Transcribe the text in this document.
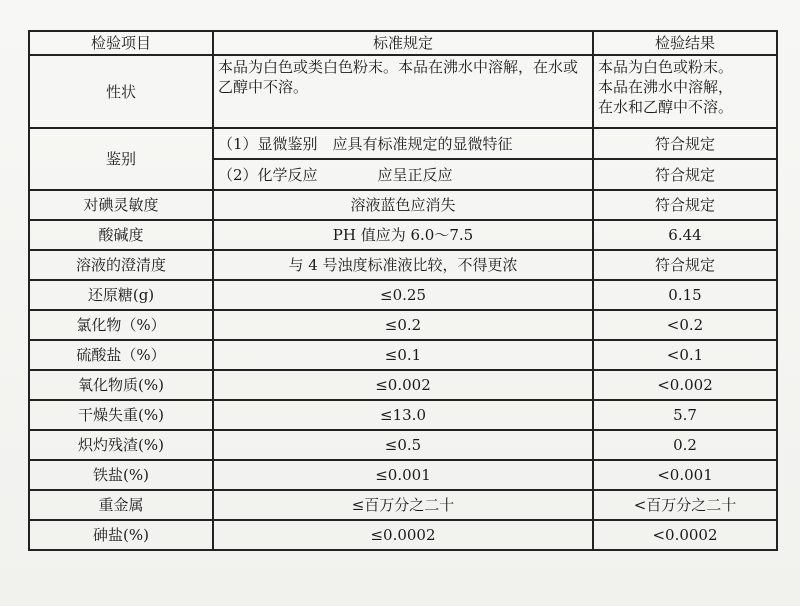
检验项目	标准规定	检验结果
性状	本品为白色或类白色粉末。本品在沸水中溶解，在水或乙醇中不溶。	本品为白色或粉末。
本品在沸水中溶解，
在水和乙醇中不溶。
鉴别	（1）显微鉴别　应具有标准规定的显微特征	符合规定
	（2）化学反应　　　　应呈正反应	符合规定
对碘灵敏度	溶液蓝色应消失	符合规定
酸碱度	PH 值应为 6.0～7.5	6.44
溶液的澄清度	与 4 号浊度标准液比较，不得更浓	符合规定
还原糖(g)	≤0.25	0.15
氯化物（%）	≤0.2	<0.2
硫酸盐（%）	≤0.1	<0.1
氧化物质(%)	≤0.002	<0.002
干燥失重(%)	≤13.0	5.7
炽灼残渣(%)	≤0.5	0.2
铁盐(%)	≤0.001	<0.001
重金属	≤百万分之二十	<百万分之二十
砷盐(%)	≤0.0002	<0.0002
